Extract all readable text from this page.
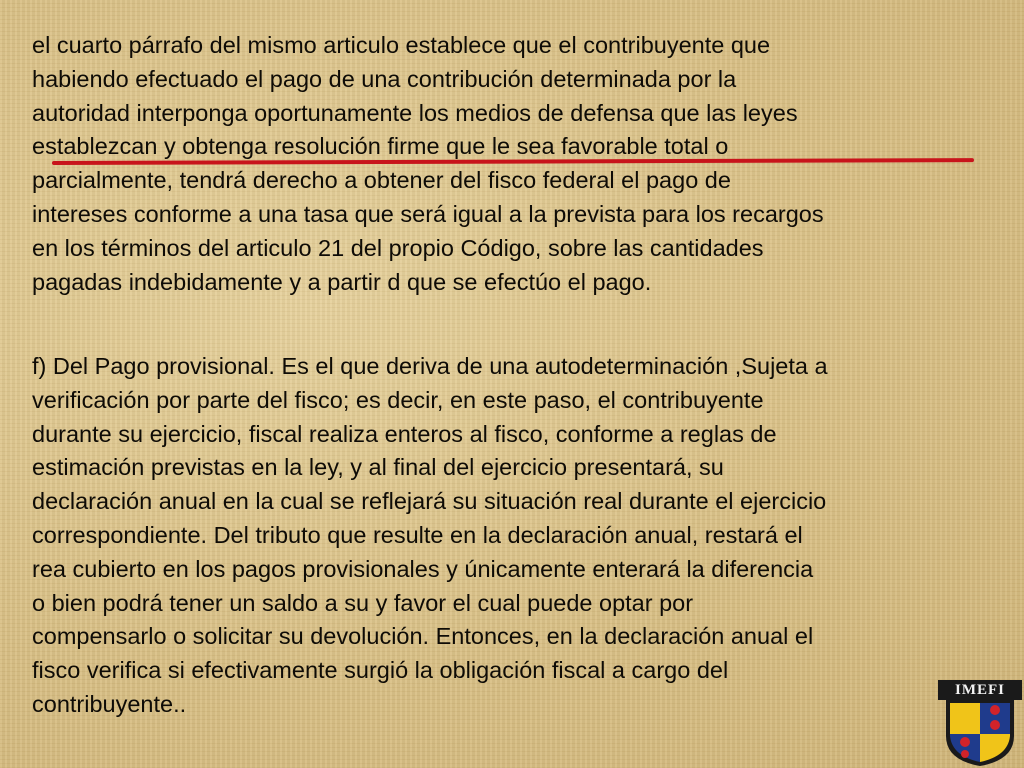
el cuarto párrafo del mismo articulo establece que el contribuyente que
habiendo efectuado el pago de una contribución determinada por la
autoridad interponga oportunamente los medios de defensa que las leyes
establezcan y obtenga resolución firme que le sea favorable total o
parcialmente, tendrá derecho a obtener del fisco federal el pago de
intereses conforme a una tasa que será igual a la prevista para los recargos
en los términos del articulo 21 del propio Código, sobre las cantidades
pagadas indebidamente y a partir d que se efectúo el pago.

f) Del Pago provisional. Es el que deriva de una autodeterminación ,Sujeta a
verificación por parte del fisco; es decir, en este paso, el contribuyente
durante su ejercicio, fiscal realiza enteros al fisco, conforme a reglas de
estimación previstas en la ley, y al final del ejercicio presentará, su
declaración anual en la cual se reflejará su situación real durante el ejercicio
correspondiente. Del tributo que resulte en la declaración anual, restará el
rea cubierto en los pagos provisionales y únicamente enterará la diferencia
o bien podrá tener un saldo a su y favor el cual puede optar por
compensarlo o solicitar su devolución. Entonces, en la declaración anual el
fisco verifica si efectivamente surgió la obligación fiscal a cargo del
contribuyente..

IMEFI
